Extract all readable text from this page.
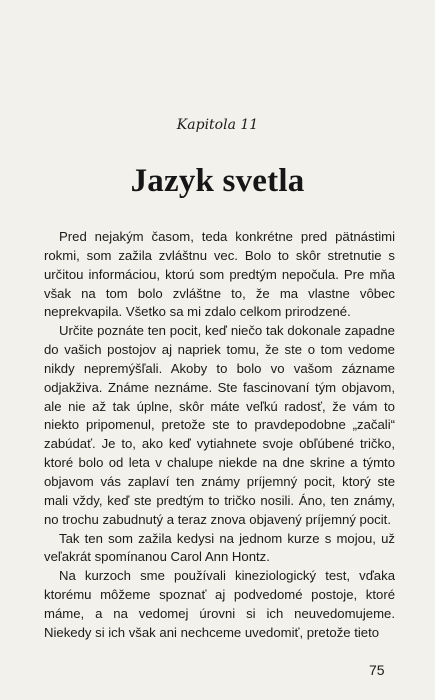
Kapitola 11
Jazyk svetla

Pred nejakým časom, teda konkrétne pred pätnástimi rokmi, som zažila zvláštnu vec. Bolo to skôr stretnutie s určitou informáciou, ktorú som predtým nepočula. Pre mňa však na tom bolo zvláštne to, že ma vlastne vôbec neprekvapila. Všetko sa mi zdalo celkom prirodzené.

Určite poznáte ten pocit, keď niečo tak dokonale zapadne do vašich postojov aj napriek tomu, že ste o tom vedome nikdy nepremýšľali. Akoby to bolo vo vašom zázname odjakživa. Známe neznáme. Ste fascinovaní tým objavom, ale nie až tak úplne, skôr máte veľkú radosť, že vám to niekto pripomenul, pretože ste to pravdepodobne „začali“ zabúdať. Je to, ako keď vytiahnete svoje obľúbené tričko, ktoré bolo od leta v chalupe niekde na dne skrine a týmto objavom vás zaplaví ten známy príjemný pocit, ktorý ste mali vždy, keď ste predtým to tričko nosili. Áno, ten známy, no trochu zabudnutý a teraz znova objavený príjemný pocit.

Tak ten som zažila kedysi na jednom kurze s mojou, už veľakrát spomínanou Carol Ann Hontz.

Na kurzoch sme používali kineziologický test, vďaka ktorému môžeme spoznať aj podvedomé postoje, ktoré máme, a na vedomej úrovni si ich neuvedomujeme. Niekedy si ich však ani nechceme uvedomiť, pretože tieto

75
